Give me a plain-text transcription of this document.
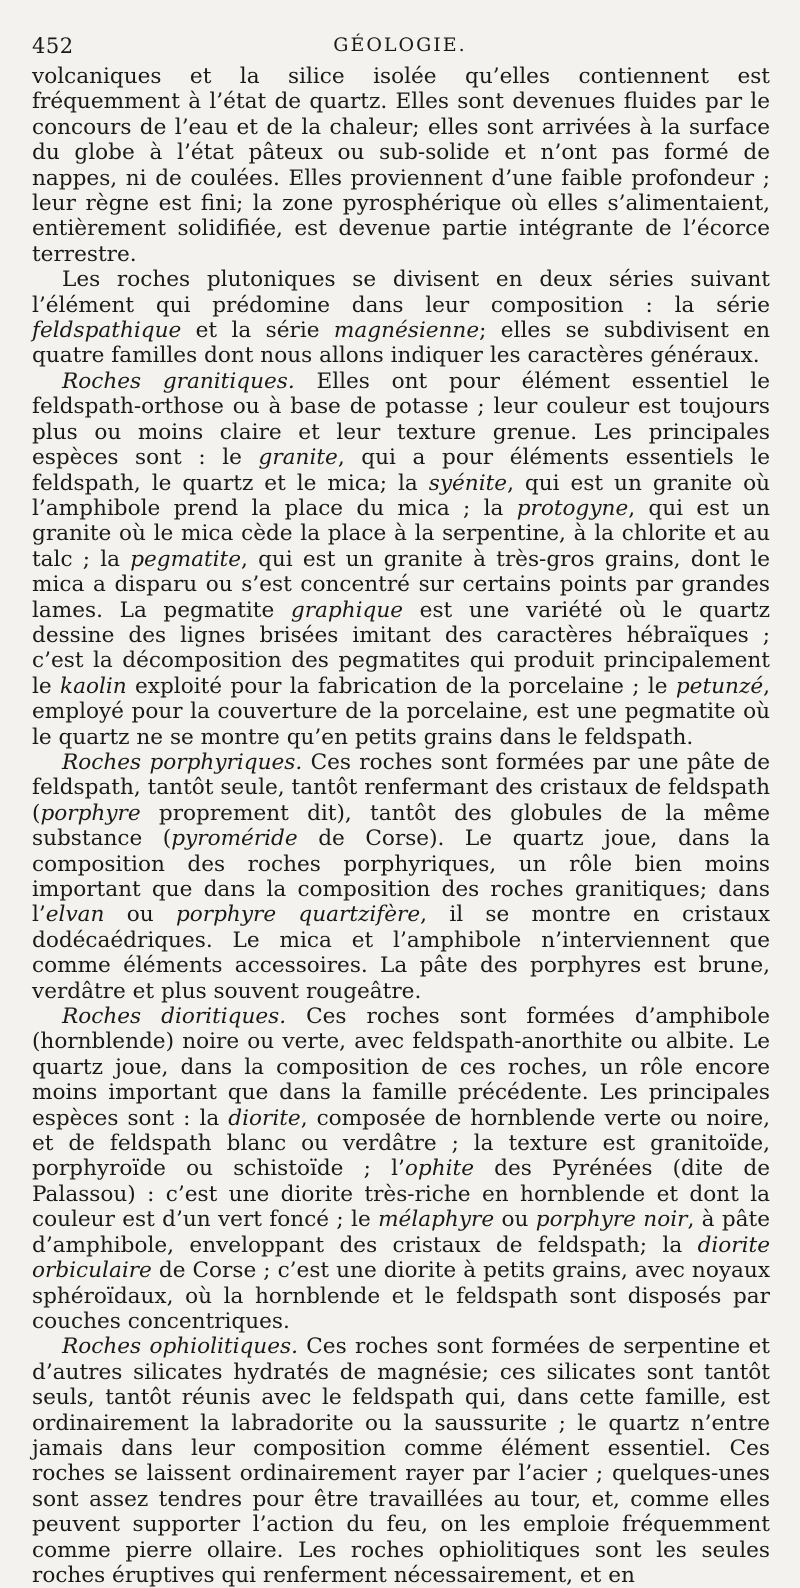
452	GÉOLOGIE.

volcaniques et la silice isolée qu’elles contiennent est fréquemment à l’état de quartz. Elles sont devenues fluides par le concours de l’eau et de la chaleur; elles sont arrivées à la surface du globe à l’état pâteux ou sub-solide et n’ont pas formé de nappes, ni de coulées. Elles proviennent d’une faible profondeur ; leur règne est fini; la zone pyrosphérique où elles s’alimentaient, entièrement solidifiée, est devenue partie intégrante de l’écorce terrestre.

Les roches plutoniques se divisent en deux séries suivant l’élément qui prédomine dans leur composition : la série feldspathique et la série magnésienne; elles se subdivisent en quatre familles dont nous allons indiquer les caractères généraux.

Roches granitiques. Elles ont pour élément essentiel le feldspath-orthose ou à base de potasse ; leur couleur est toujours plus ou moins claire et leur texture grenue. Les principales espèces sont : le granite, qui a pour éléments essentiels le feldspath, le quartz et le mica; la syénite, qui est un granite où l’amphibole prend la place du mica ; la protogyne, qui est un granite où le mica cède la place à la serpentine, à la chlorite et au talc ; la pegmatite, qui est un granite à très-gros grains, dont le mica a disparu ou s’est concentré sur certains points par grandes lames. La pegmatite graphique est une variété où le quartz dessine des lignes brisées imitant des caractères hébraïques ; c’est la décomposition des pegmatites qui produit principalement le kaolin exploité pour la fabrication de la porcelaine ; le petunzé, employé pour la couverture de la porcelaine, est une pegmatite où le quartz ne se montre qu’en petits grains dans le feldspath.

Roches porphyriques. Ces roches sont formées par une pâte de feldspath, tantôt seule, tantôt renfermant des cristaux de feldspath (porphyre proprement dit), tantôt des globules de la même substance (pyroméride de Corse). Le quartz joue, dans la composition des roches porphyriques, un rôle bien moins important que dans la composition des roches granitiques; dans l’elvan ou porphyre quartzifère, il se montre en cristaux dodécaédriques. Le mica et l’amphibole n’interviennent que comme éléments accessoires. La pâte des porphyres est brune, verdâtre et plus souvent rougeâtre.

Roches dioritiques. Ces roches sont formées d’amphibole (hornblende) noire ou verte, avec feldspath-anorthite ou albite. Le quartz joue, dans la composition de ces roches, un rôle encore moins important que dans la famille précédente. Les principales espèces sont : la diorite, composée de hornblende verte ou noire, et de feldspath blanc ou verdâtre ; la texture est granitoïde, porphyroïde ou schistoïde ; l’ophite des Pyrénées (dite de Palassou) : c’est une diorite très-riche en hornblende et dont la couleur est d’un vert foncé ; le mélaphyre ou porphyre noir, à pâte d’amphibole, enveloppant des cristaux de feldspath; la diorite orbiculaire de Corse ; c’est une diorite à petits grains, avec noyaux sphéroïdaux, où la hornblende et le feldspath sont disposés par couches concentriques.

Roches ophiolitiques. Ces roches sont formées de serpentine et d’autres silicates hydratés de magnésie; ces silicates sont tantôt seuls, tantôt réunis avec le feldspath qui, dans cette famille, est ordinairement la labradorite ou la saussurite ; le quartz n’entre jamais dans leur composition comme élément essentiel. Ces roches se laissent ordinairement rayer par l’acier ; quelques-unes sont assez tendres pour être travaillées au tour, et, comme elles peuvent supporter l’action du feu, on les emploie fréquemment comme pierre ollaire. Les roches ophiolitiques sont les seules roches éruptives qui renferment nécessairement, et en
